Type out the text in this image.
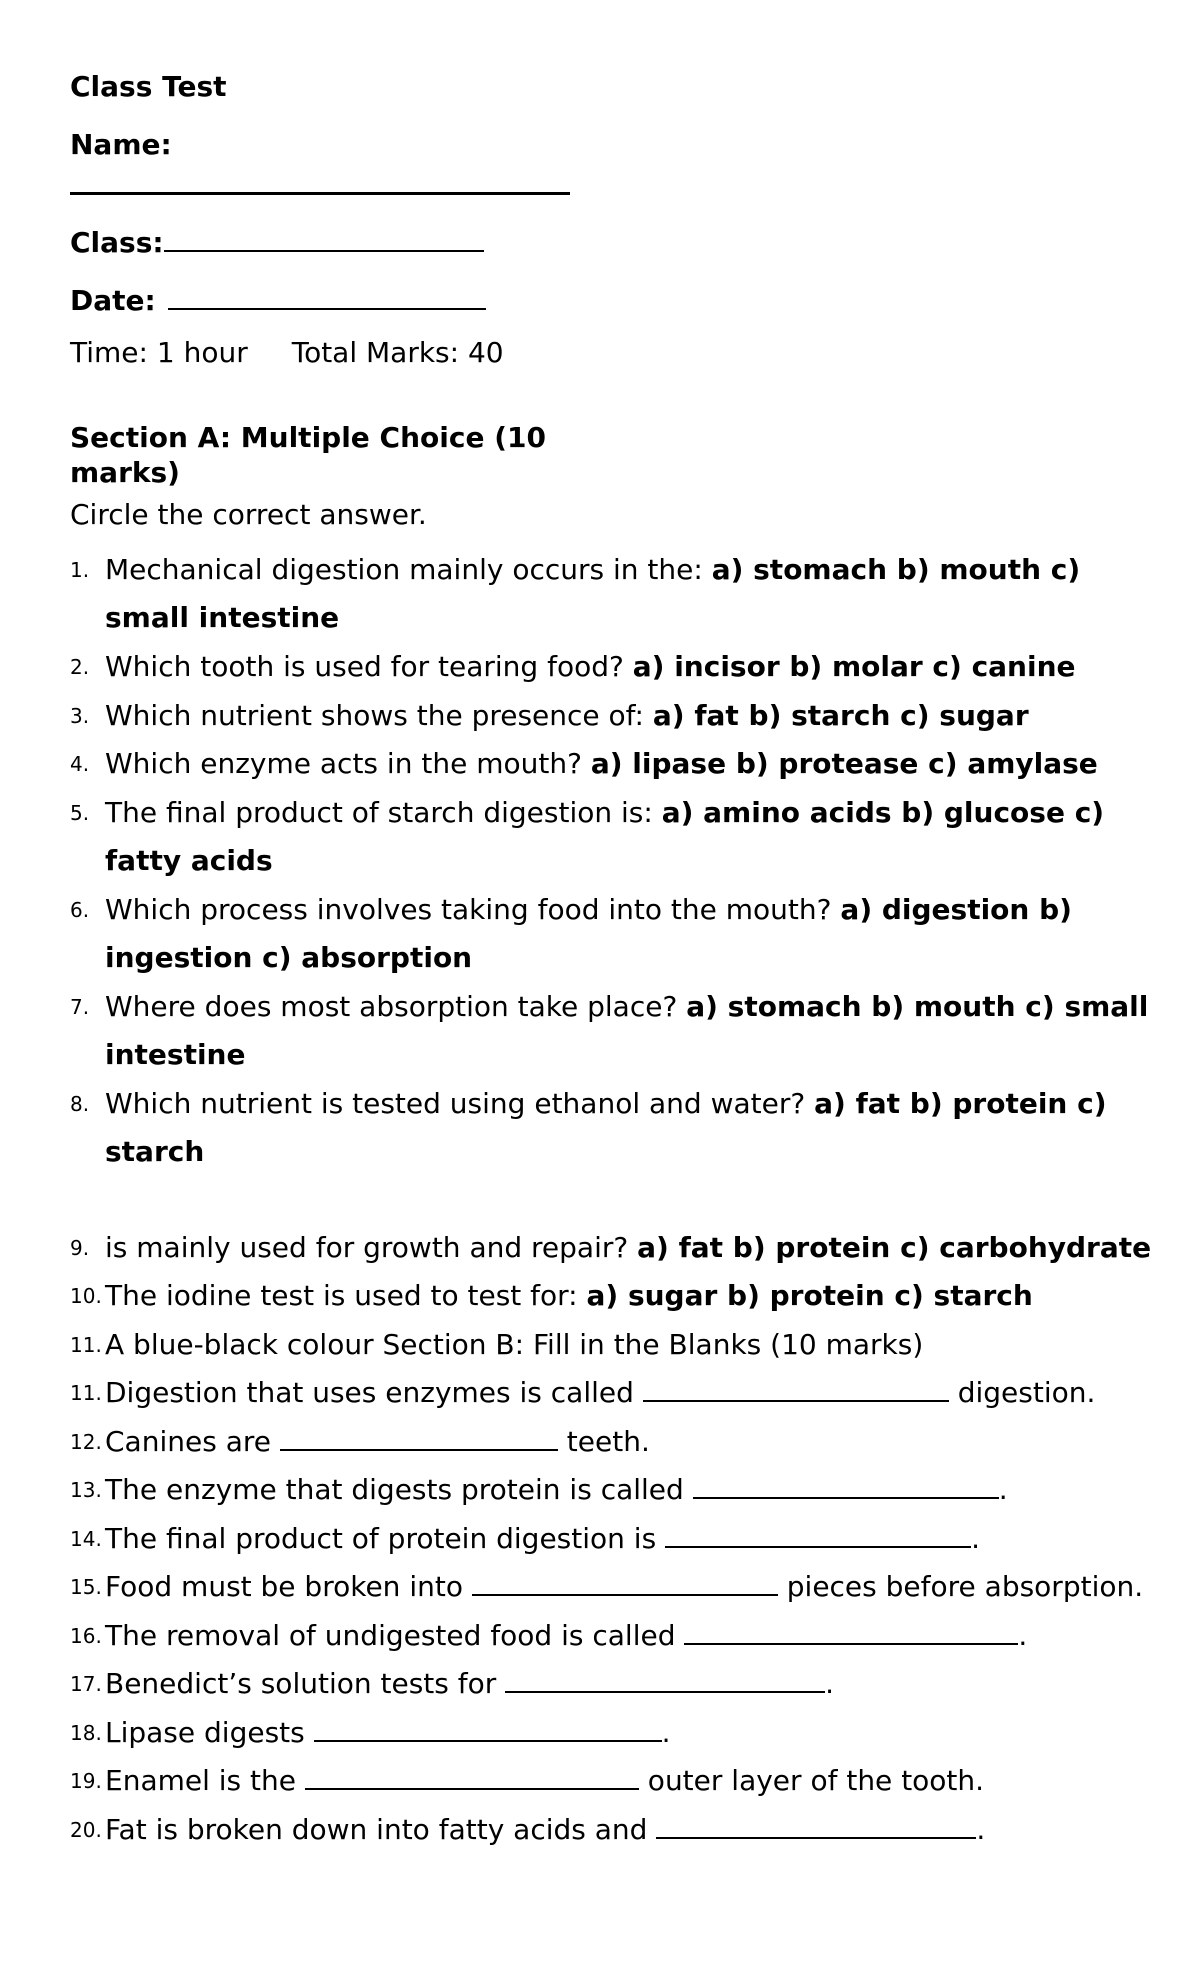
Class Test
Name:
Class:
Date:
Time: 1 hour Total Marks: 40
Section A: Multiple Choice (10 marks)
Circle the correct answer.
1. Mechanical digestion mainly occurs in the: a) stomach b) mouth c) small intestine
2. Which tooth is used for tearing food? a) incisor b) molar c) canine
3. Which nutrient shows the presence of: a) fat b) starch c) sugar
4. Which enzyme acts in the mouth? a) lipase b) protease c) amylase
5. The final product of starch digestion is: a) amino acids b) glucose c) fatty acids
6. Which process involves taking food into the mouth? a) digestion b) ingestion c) absorption
7. Where does most absorption take place? a) stomach b) mouth c) small intestine
8. Which nutrient is tested using ethanol and water? a) fat b) protein c) starch
9. is mainly used for growth and repair? a) fat b) protein c) carbohydrate
10. The iodine test is used to test for: a) sugar b) protein c) starch
11. A blue-black colour Section B: Fill in the Blanks (10 marks)
11. Digestion that uses enzymes is called	digestion.
12. Canines are	teeth.
13. The enzyme that digests protein is called	.
14. The final product of protein digestion is	.
15. Food must be broken into	pieces before absorption.
16. The removal of undigested food is called	.
17. Benedict’s solution tests for	.
18. Lipase digests	.
19. Enamel is the	outer layer of the tooth.
20. Fat is broken down into fatty acids and	.
